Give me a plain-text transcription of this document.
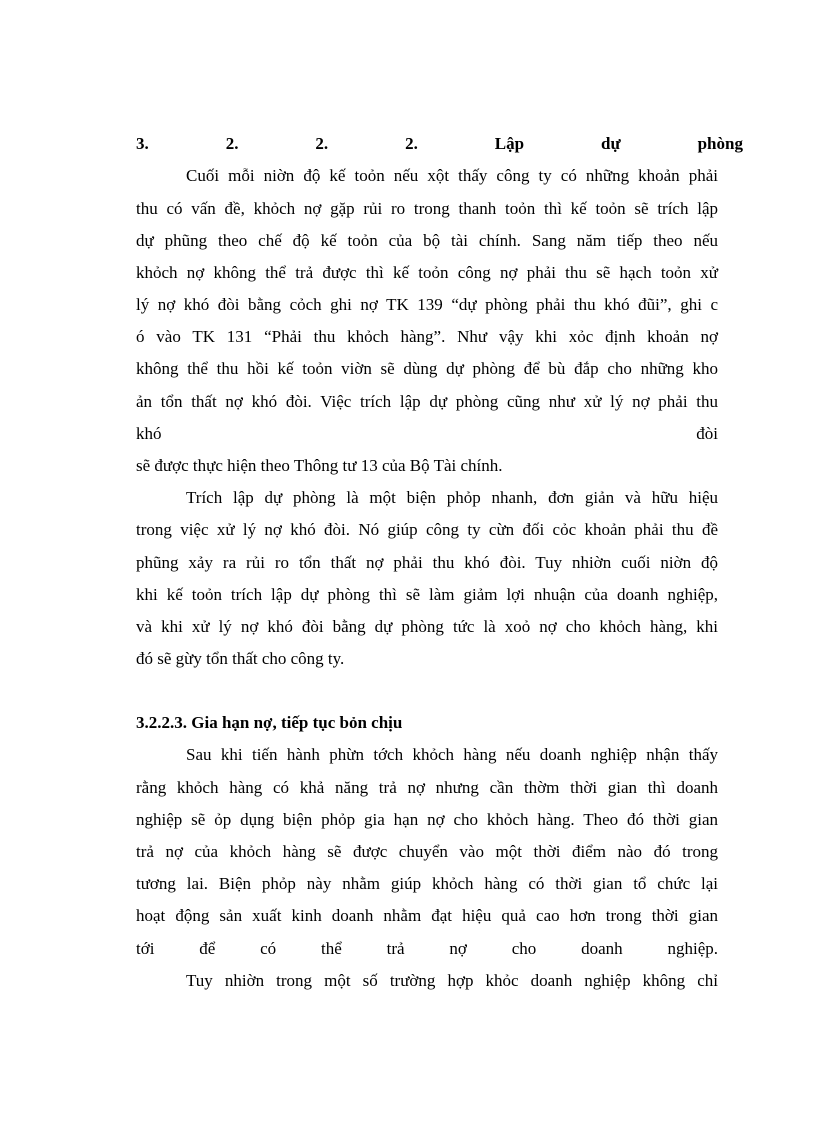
3.	2.	2.	2.	Lập	dự	phòng
Cuối mỗi niờn độ kế toỏn nếu xột thấy công ty có những khoản phải
thu có vấn đề, khỏch nợ gặp rủi ro trong thanh toỏn thì kế toỏn sẽ trích lập
dự phũng theo chế độ kế toỏn của bộ tài chính. Sang năm tiếp theo nếu
khỏch nợ không thể trả được thì kế toỏn công nợ phải thu sẽ hạch toỏn xử
lý nợ khó đòi bằng cỏch ghi nợ TK 139 “dự phòng phải thu khó đũi”, ghi c
ó vào TK 131 “Phải thu khỏch hàng”. Như vậy khi xỏc định khoản nợ
không thể thu hồi kế toỏn viờn sẽ dùng dự phòng để bù đắp cho những kho
ản tổn thất nợ khó đòi. Việc trích lập dự phòng cũng như xử lý nợ phải thu
khó	đòi
sẽ được thực hiện theo Thông tư 13 của Bộ Tài chính.
Trích lập dự phòng là một biện phỏp nhanh, đơn giản và hữu hiệu
trong việc xử lý nợ khó đòi. Nó giúp công ty cừn đối cỏc khoản phải thu đề
phũng xảy ra rủi ro tổn thất nợ phải thu khó đòi. Tuy nhiờn cuối niờn độ
khi kế toỏn trích lập dự phòng thì sẽ làm giảm lợi nhuận của doanh nghiệp,
và khi xử lý nợ khó đòi bằng dự phòng tức là xoỏ nợ cho khỏch hàng, khi
đó sẽ gừy tổn thất cho công ty.
3.2.2.3. Gia hạn nợ, tiếp tục bỏn chịu
Sau khi tiến hành phừn tớch khỏch hàng nếu doanh nghiệp nhận thấy
rằng khỏch hàng có khả năng trả nợ nhưng cần thờm thời gian thì doanh
nghiệp sẽ ỏp dụng biện phỏp gia hạn nợ cho khỏch hàng. Theo đó thời gian
trả nợ của khỏch hàng sẽ được chuyển vào một thời điểm nào đó trong
tương lai. Biện phỏp này nhằm giúp khỏch hàng có thời gian tổ chức lại
hoạt động sản xuất kinh doanh nhằm đạt hiệu quả cao hơn trong thời gian
tới	để	có	thể	trả	nợ	cho	doanh	nghiệp.
Tuy nhiờn trong một số trường hợp khỏc doanh nghiệp không chỉ
